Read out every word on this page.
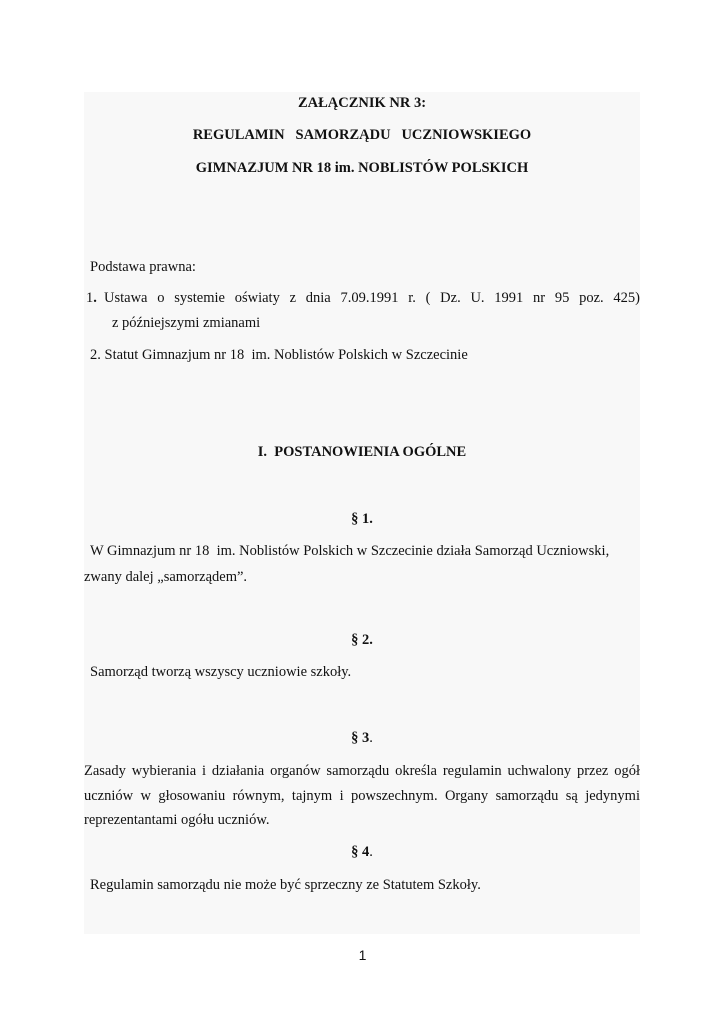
ZAŁĄCZNIK NR 3:
REGULAMIN   SAMORZĄDU   UCZNIOWSKIEGO
GIMNAZJUM NR 18 im. NOBLISTÓW POLSKICH
Podstawa prawna:
1. Ustawa o systemie oświaty z dnia 7.09.1991 r. ( Dz. U. 1991 nr 95 poz. 425)
z późniejszymi zmianami
2. Statut Gimnazjum nr 18  im. Noblistów Polskich w Szczecinie
I.  POSTANOWIENIA OGÓLNE
§ 1.
W Gimnazjum nr 18  im. Noblistów Polskich w Szczecinie działa Samorząd Uczniowski,
zwany dalej „samorządem”.
§ 2.
Samorząd tworzą wszyscy uczniowie szkoły.
§ 3.
Zasady wybierania i działania organów samorządu określa regulamin uchwalony przez ogół
uczniów w głosowaniu równym, tajnym i powszechnym. Organy samorządu są jedynymi
reprezentantami ogółu uczniów.
§ 4.
Regulamin samorządu nie może być sprzeczny ze Statutem Szkoły.
1
